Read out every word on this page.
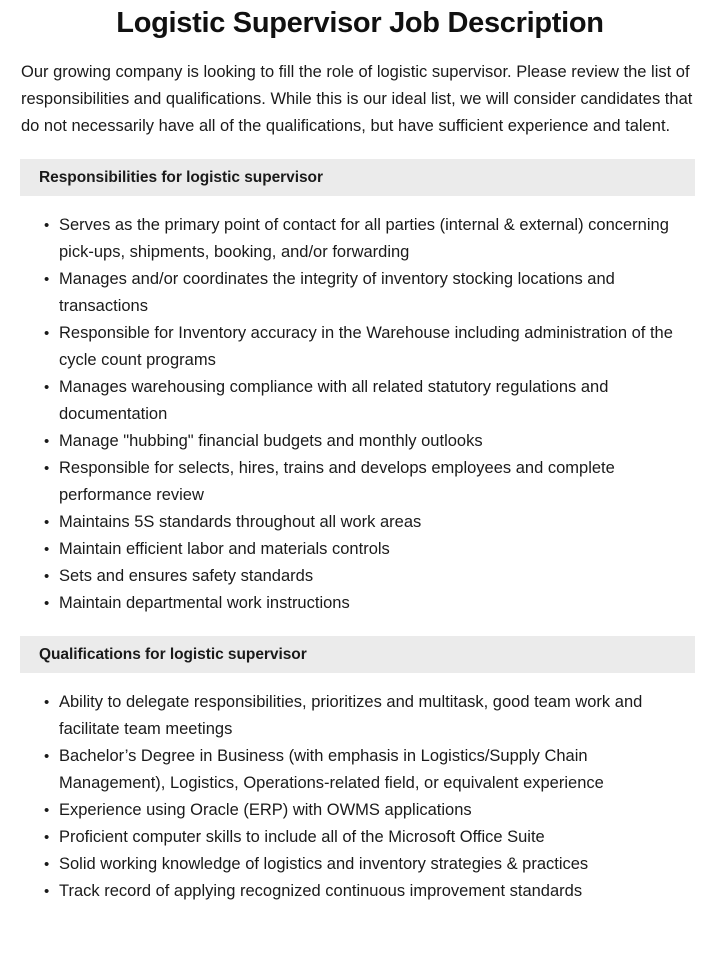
Logistic Supervisor Job Description

Our growing company is looking to fill the role of logistic supervisor. Please review the list of responsibilities and qualifications. While this is our ideal list, we will consider candidates that do not necessarily have all of the qualifications, but have sufficient experience and talent.

Responsibilities for logistic supervisor
• Serves as the primary point of contact for all parties (internal & external) concerning pick-ups, shipments, booking, and/or forwarding
• Manages and/or coordinates the integrity of inventory stocking locations and transactions
• Responsible for Inventory accuracy in the Warehouse including administration of the cycle count programs
• Manages warehousing compliance with all related statutory regulations and documentation
• Manage "hubbing" financial budgets and monthly outlooks
• Responsible for selects, hires, trains and develops employees and complete performance review
• Maintains 5S standards throughout all work areas
• Maintain efficient labor and materials controls
• Sets and ensures safety standards
• Maintain departmental work instructions
Qualifications for logistic supervisor
• Ability to delegate responsibilities, prioritizes and multitask, good team work and facilitate team meetings
• Bachelor’s Degree in Business (with emphasis in Logistics/Supply Chain Management), Logistics, Operations-related field, or equivalent experience
• Experience using Oracle (ERP) with OWMS applications
• Proficient computer skills to include all of the Microsoft Office Suite
• Solid working knowledge of logistics and inventory strategies & practices
• Track record of applying recognized continuous improvement standards
